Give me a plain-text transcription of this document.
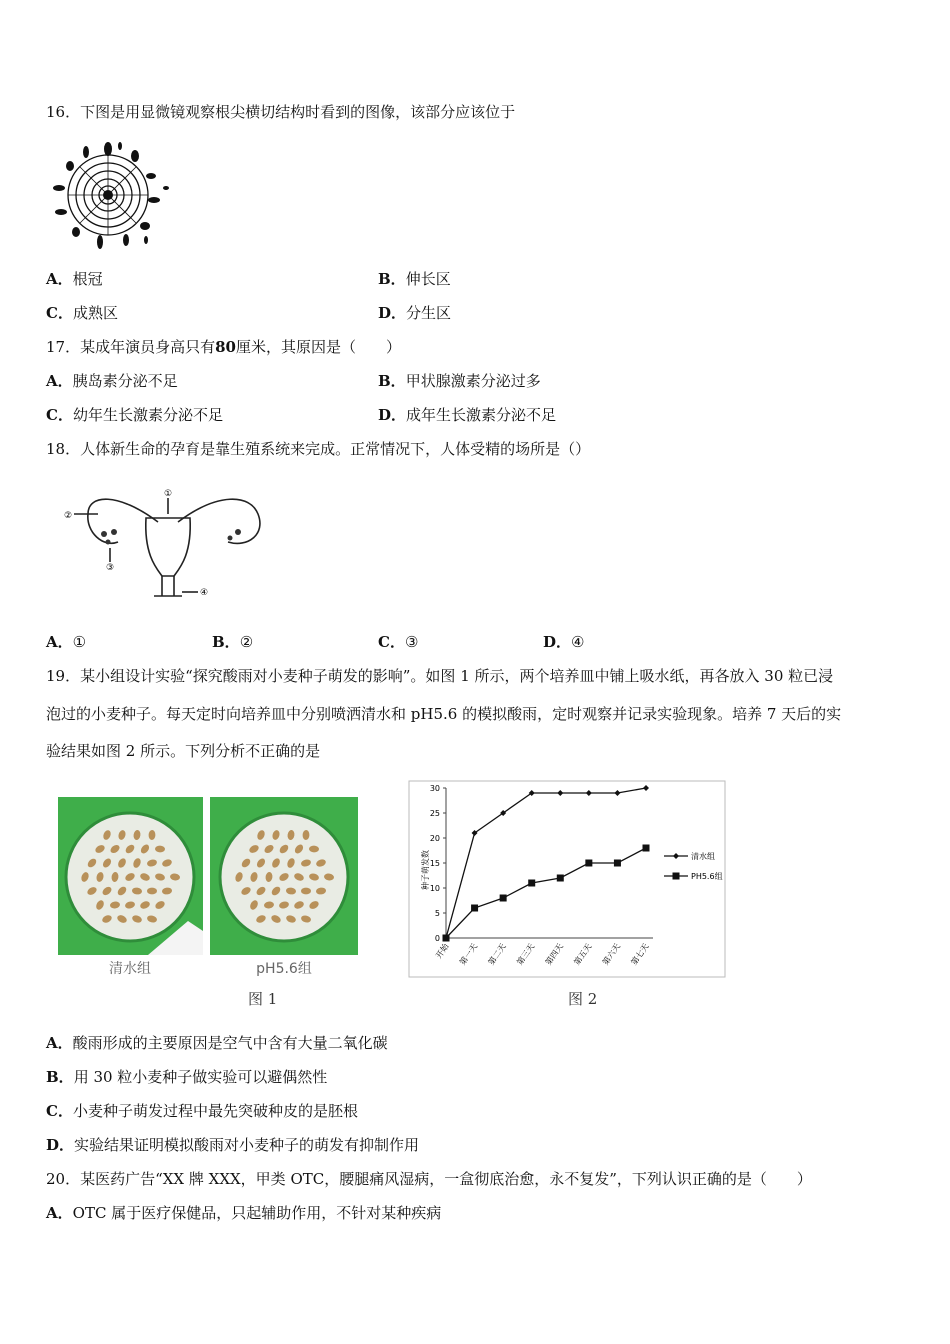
16．下图是用显微镜观察根尖横切结构时看到的图像，该部分应该位于
A．根冠	B．伸长区
C．成熟区	D．分生区
17．某成年演员身高只有80厘米，其原因是（　　）
A．胰岛素分泌不足	B．甲状腺激素分泌过多
C．幼年生长激素分泌不足	D．成年生长激素分泌不足
18．人体新生命的孕育是靠生殖系统来完成。正常情况下，人体受精的场所是（）
①
②
③
④
A．①	B．②	C．③	D．④
19．某小组设计实验“探究酸雨对小麦种子萌发的影响”。如图 1 所示，两个培养皿中铺上吸水纸，再各放入 30 粒已浸
泡过的小麦种子。每天定时向培养皿中分别喷洒清水和 pH5.6 的模拟酸雨，定时观察并记录实验现象。培养 7 天后的实
验结果如图 2 所示。下列分析不正确的是
清水组	pH5.6组
图 1
种子萌发数
0
5
10
15
20
25
30
开始 第一天 第二天 第三天 第四天 第五天 第六天 第七天
清水组
PH5.6组
图 2
A．酸雨形成的主要原因是空气中含有大量二氧化碳
B．用 30 粒小麦种子做实验可以避偶然性
C．小麦种子萌发过程中最先突破种皮的是胚根
D．实验结果证明模拟酸雨对小麦种子的萌发有抑制作用
20．某医药广告“XX 牌 XXX，甲类 OTC，腰腿痛风湿病，一盒彻底治愈，永不复发”，下列认识正确的是（　　）
A．OTC 属于医疗保健品，只起辅助作用，不针对某种疾病
